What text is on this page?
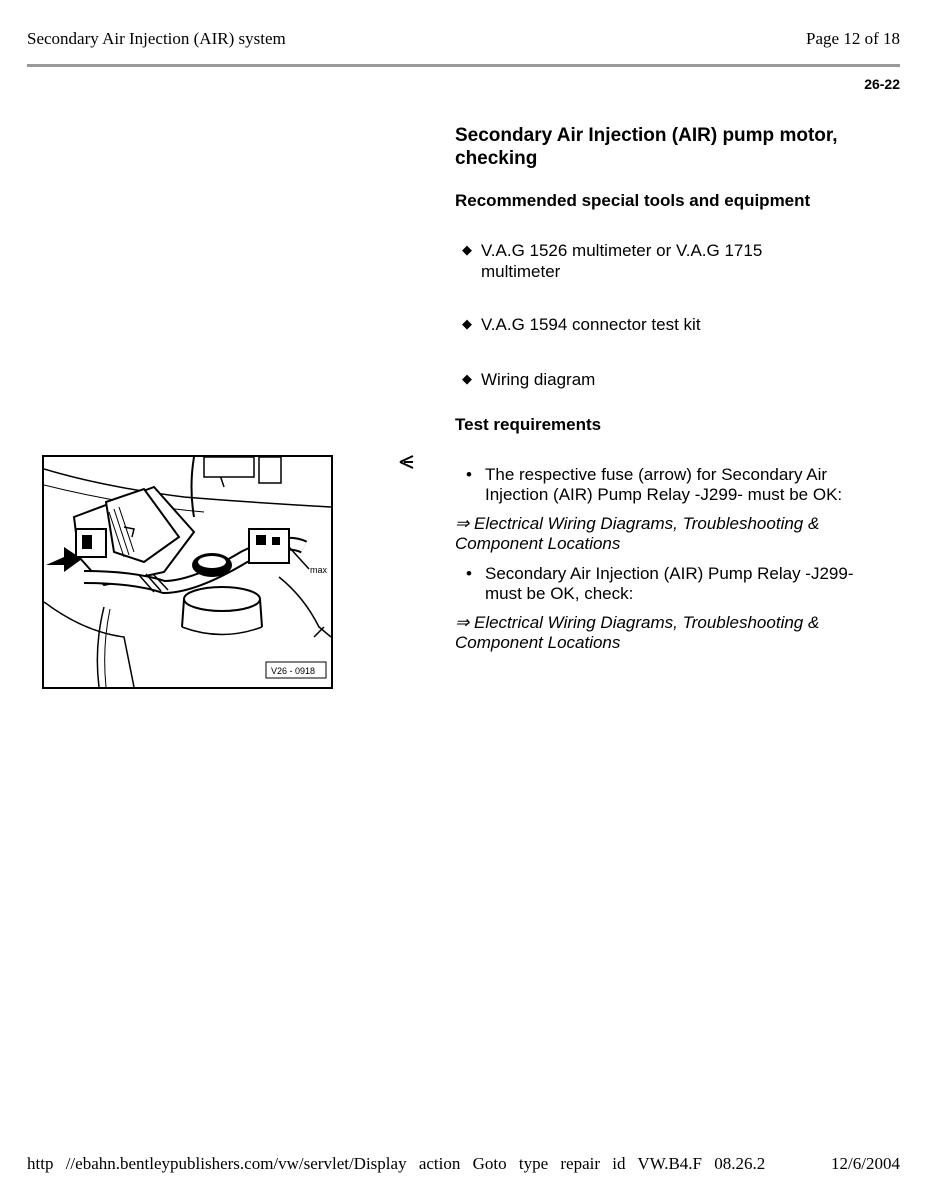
Secondary Air Injection (AIR) system	Page 12 of 18
26-22
Secondary Air Injection (AIR) pump motor, checking
Recommended special tools and equipment
◆ V.A.G 1526 multimeter or V.A.G 1715 multimeter
◆ V.A.G 1594 connector test kit
◆ Wiring diagram
Test requirements
max
V26 - 0918
• The respective fuse (arrow) for Secondary Air Injection (AIR) Pump Relay -J299- must be OK:
⇒ Electrical Wiring Diagrams, Troubleshooting & Component Locations
• Secondary Air Injection (AIR) Pump Relay -J299- must be OK, check:
⇒ Electrical Wiring Diagrams, Troubleshooting & Component Locations
http //ebahn.bentleypublishers.com/vw/servlet/Display action Goto type repair id VW.B4.F 08.26.2	12/6/2004
